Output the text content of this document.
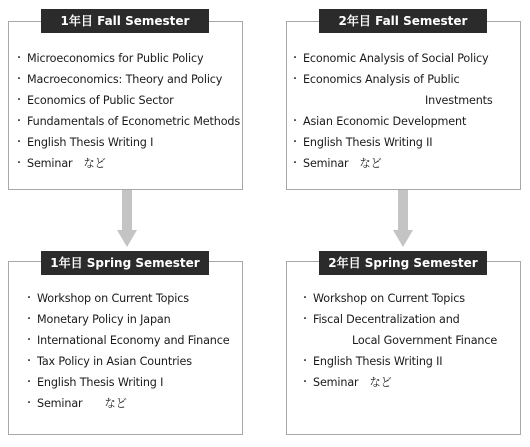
1年目 Fall Semester
・ Microeconomics for Public Policy
・ Macroeconomics: Theory and Policy
・ Economics of Public Sector
・ Fundamentals of Econometric Methods
・ English Thesis Writing I
・ Seminar　など
2年目 Fall Semester
・ Economic Analysis of Social Policy
・ Economics Analysis of Public
Investments
・ Asian Economic Development
・ English Thesis Writing II
・ Seminar　など
1年目 Spring Semester
・ Workshop on Current Topics
・ Monetary Policy in Japan
・ International Economy and Finance
・ Tax Policy in Asian Countries
・ English Thesis Writing I
・ Seminar　　など
2年目 Spring Semester
・ Workshop on Current Topics
・ Fiscal Decentralization and
Local Government Finance
・ English Thesis Writing II
・ Seminar　など
